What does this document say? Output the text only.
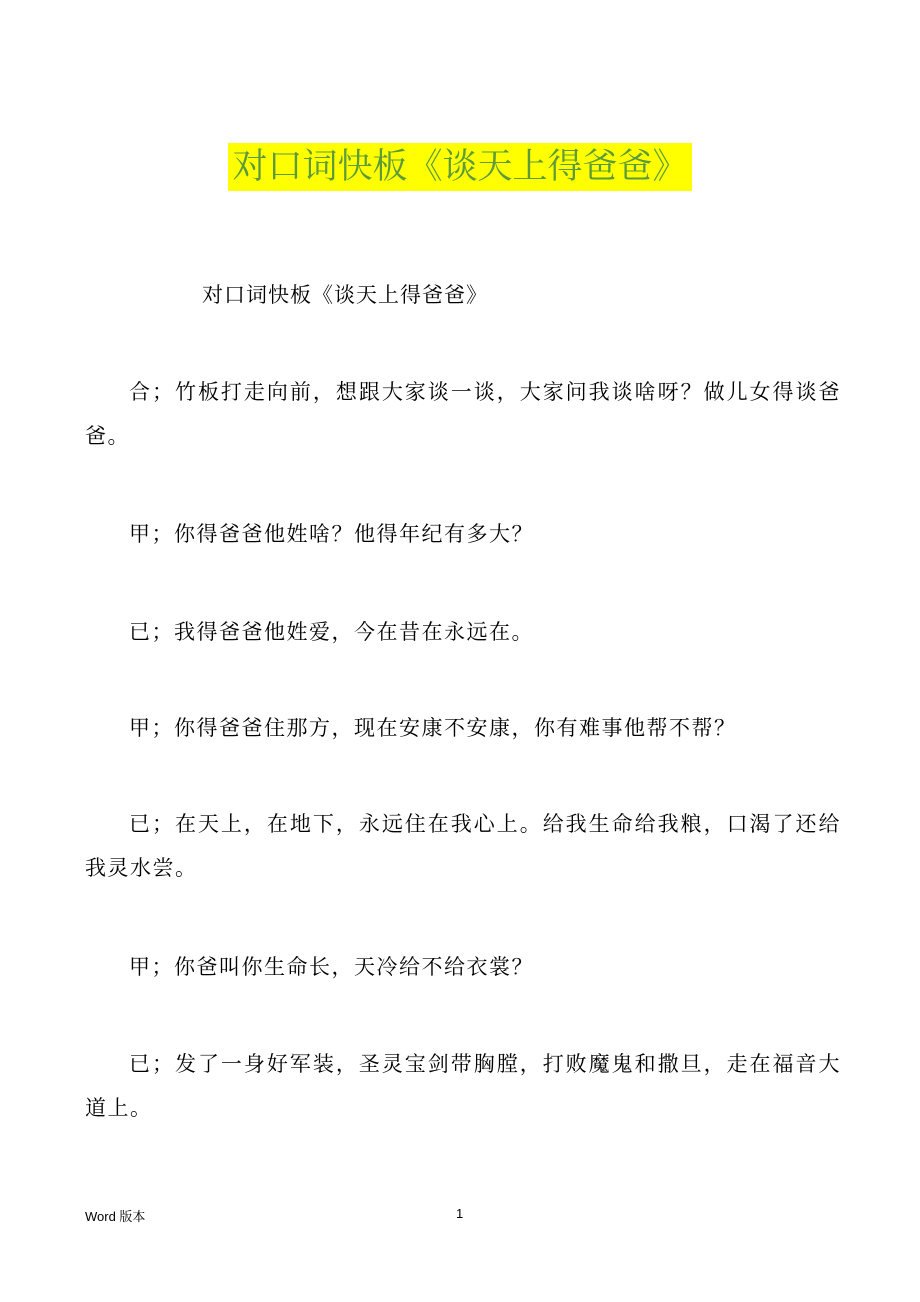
对口词快板《谈天上得爸爸》
对口词快板《谈天上得爸爸》
合；竹板打走向前，想跟大家谈一谈，大家问我谈啥呀？做儿女得谈爸爸。
甲；你得爸爸他姓啥？他得年纪有多大？
已；我得爸爸他姓爱，今在昔在永远在。
甲；你得爸爸住那方，现在安康不安康，你有难事他帮不帮？
已；在天上，在地下，永远住在我心上。给我生命给我粮，口渴了还给我灵水尝。
甲；你爸叫你生命长，天冷给不给衣裳？
已；发了一身好军装，圣灵宝剑带胸膛，打败魔鬼和撒旦，走在福音大道上。
Word 版本	1
